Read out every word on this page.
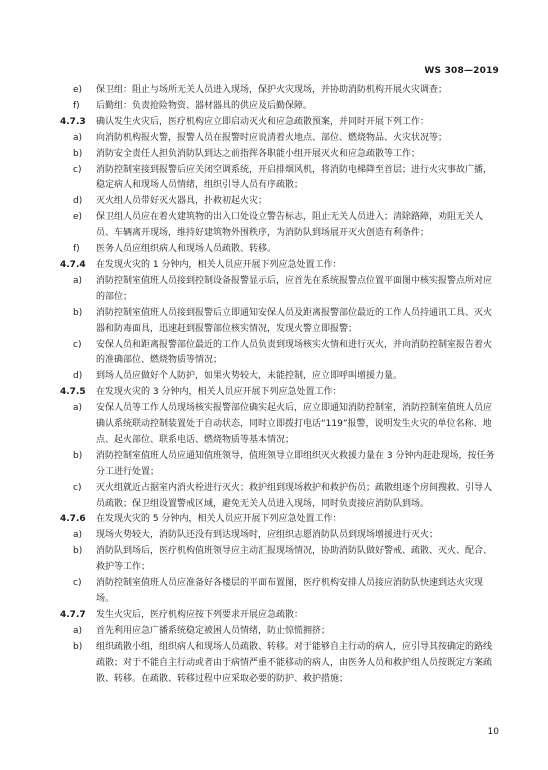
WS 308—2019
e) 保卫组：阻止与场所无关人员进入现场，保护火灾现场，并协助消防机构开展火灾调查；
f) 后勤组：负责抢险物资、器材器具的供应及后勤保障。
4.7.3 确认发生火灾后，医疗机构应立即启动灭火和应急疏散预案，并同时开展下列工作：
a) 向消防机构报火警，报警人员在报警时应说清着火地点、部位、燃烧物品、火灾状况等；
b) 消防安全责任人担负消防队到达之前指挥各职能小组开展灭火和应急疏散等工作；
c) 消防控制室接到报警后应关闭空调系统，开启排烟风机，将消防电梯降至首层；进行火灾事故广播，稳定病人和现场人员情绪，组织引导人员有序疏散；
d) 灭火组人员带好灭火器具，扑救初起火灾；
e) 保卫组人员应在着火建筑物的出入口处设立警告标志，阻止无关人员进入；清除路障，劝阻无关人员、车辆离开现场，维持好建筑物外围秩序，为消防队到场展开灭火创造有利条件；
f) 医务人员应组织病人和现场人员疏散、转移。
4.7.4 在发现火灾的 1 分钟内，相关人员应开展下列应急处置工作：
a) 消防控制室值班人员接到控制设备报警显示后，应首先在系统报警点位置平面图中核实报警点所对应的部位；
b) 消防控制室值班人员接到报警后立即通知安保人员及距离报警部位最近的工作人员持通讯工具、灭火器和防毒面具，迅速赶到报警部位核实情况，发现火警立即报警；
c) 安保人员和距离报警部位最近的工作人员负责到现场核实火情和进行灭火，并向消防控制室报告着火的准确部位、燃烧物质等情况；
d) 到场人员应做好个人防护，如果火势较大，未能控制，应立即呼叫增援力量。
4.7.5 在发现火灾的 3 分钟内，相关人员应开展下列应急处置工作：
a) 安保人员等工作人员现场核实报警部位确实起火后，应立即通知消防控制室，消防控制室值班人员应确认系统联动控制装置处于自动状态，同时立即拨打电话“119”报警，说明发生火灾的单位名称、地点、起火部位、联系电话、燃烧物质等基本情况；
b) 消防控制室值班人员应通知值班领导，值班领导立即组织灭火救援力量在 3 分钟内赶赴现场，按任务分工进行处置；
c) 灭火组就近占据室内消火栓进行灭火；救护组到现场救护和救护伤员；疏散组逐个房间搜救、引导人员疏散；保卫组设置警戒区域，避免无关人员进入现场，同时负责接应消防队到场。
4.7.6 在发现火灾的 5 分钟内，相关人员应开展下列应急处置工作：
a) 现场火势较大，消防队还没有到达现场时，应组织志愿消防队员到现场增援进行灭火；
b) 消防队到场后，医疗机构值班领导应主动汇报现场情况，协助消防队做好警戒、疏散、灭火、配合、救护等工作；
c) 消防控制室值班人员应准备好各楼层的平面布置图，医疗机构安排人员接应消防队快速到达火灾现场。
4.7.7 发生火灾后，医疗机构应按下列要求开展应急疏散：
a) 首先利用应急广播系统稳定被困人员情绪，防止惊慌拥挤；
b) 组织疏散小组，组织病人和现场人员疏散、转移。对于能够自主行动的病人，应引导其按确定的路线疏散；对于不能自主行动或者由于病情严重不能移动的病人，由医务人员和救护组人员按既定方案疏散、转移。在疏散、转移过程中应采取必要的防护、救护措施；
10
